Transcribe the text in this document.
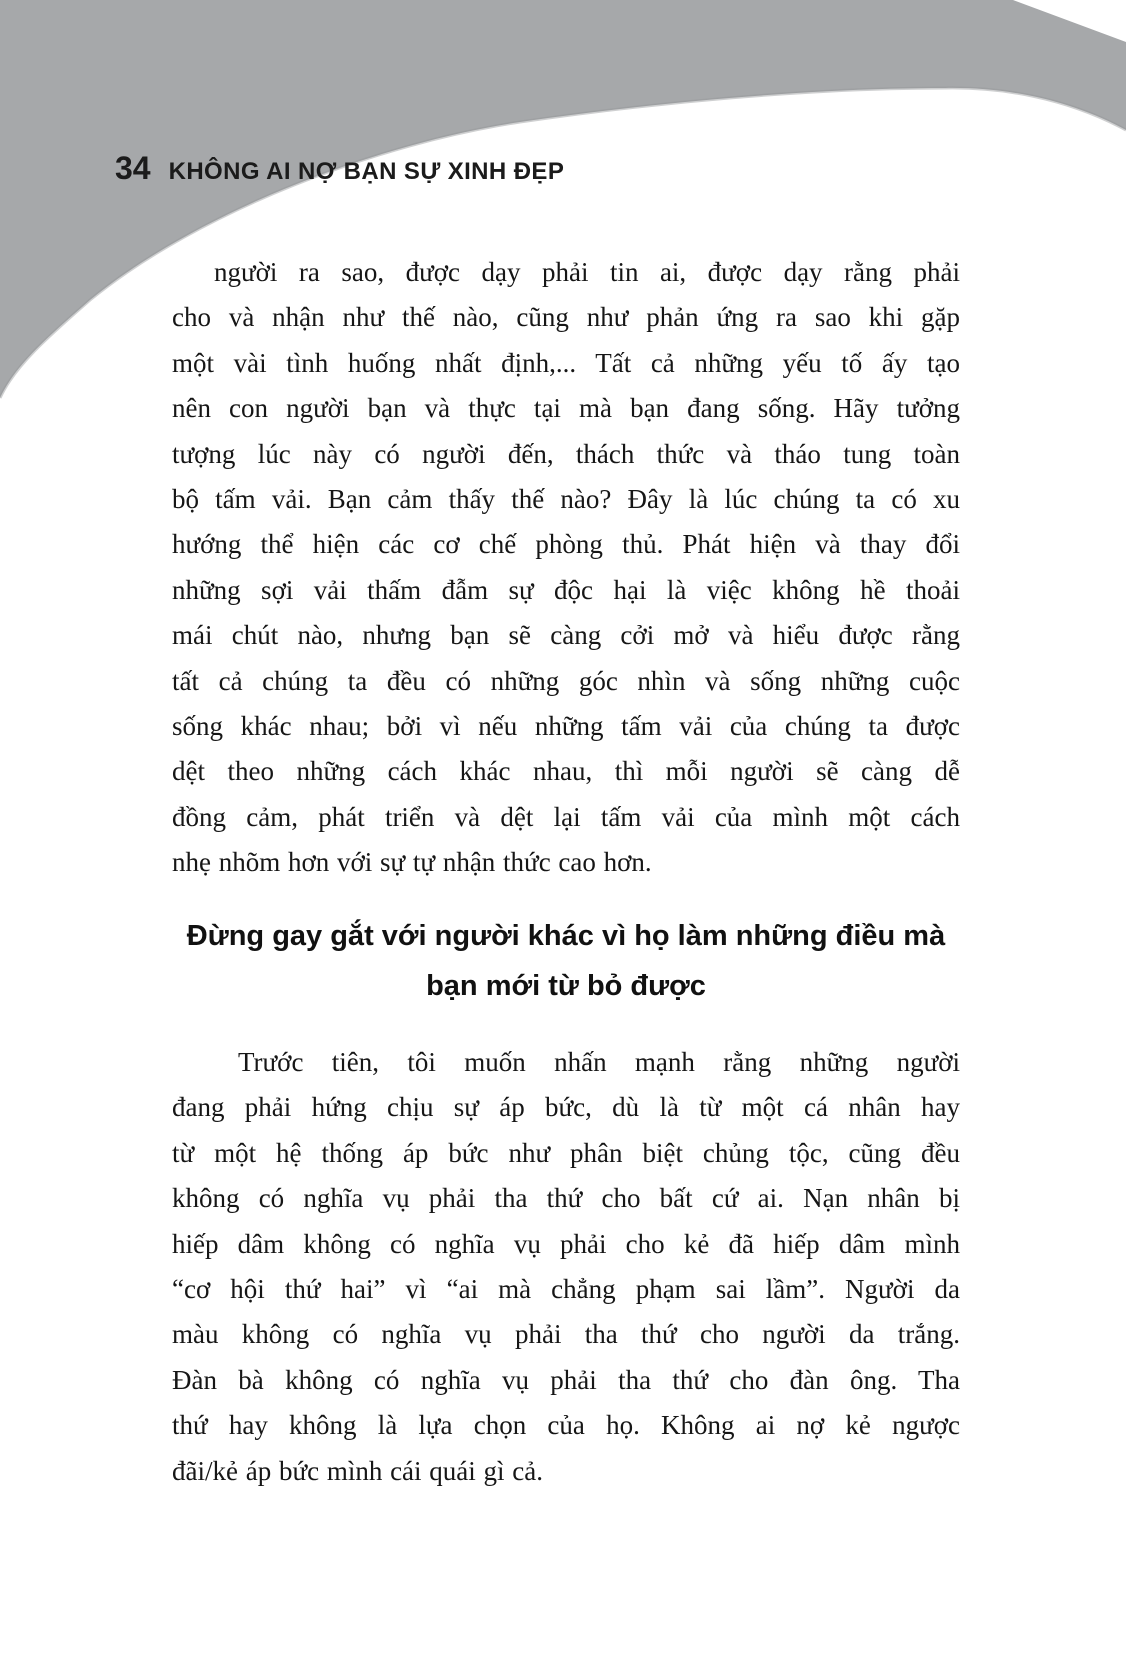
34 KHÔNG AI NỢ BẠN SỰ XINH ĐẸP
người ra sao, được dạy phải tin ai, được dạy rằng phải
cho và nhận như thế nào, cũng như phản ứng ra sao khi gặp
một vài tình huống nhất định,... Tất cả những yếu tố ấy tạo
nên con người bạn và thực tại mà bạn đang sống. Hãy tưởng
tượng lúc này có người đến, thách thức và tháo tung toàn
bộ tấm vải. Bạn cảm thấy thế nào? Đây là lúc chúng ta có xu
hướng thể hiện các cơ chế phòng thủ. Phát hiện và thay đổi
những sợi vải thấm đẫm sự độc hại là việc không hề thoải
mái chút nào, nhưng bạn sẽ càng cởi mở và hiểu được rằng
tất cả chúng ta đều có những góc nhìn và sống những cuộc
sống khác nhau; bởi vì nếu những tấm vải của chúng ta được
dệt theo những cách khác nhau, thì mỗi người sẽ càng dễ
đồng cảm, phát triển và dệt lại tấm vải của mình một cách
nhẹ nhõm hơn với sự tự nhận thức cao hơn.
Đừng gay gắt với người khác vì họ làm những điều mà
bạn mới từ bỏ được
Trước tiên, tôi muốn nhấn mạnh rằng những người
đang phải hứng chịu sự áp bức, dù là từ một cá nhân hay
từ một hệ thống áp bức như phân biệt chủng tộc, cũng đều
không có nghĩa vụ phải tha thứ cho bất cứ ai. Nạn nhân bị
hiếp dâm không có nghĩa vụ phải cho kẻ đã hiếp dâm mình
“cơ hội thứ hai” vì “ai mà chẳng phạm sai lầm”. Người da
màu không có nghĩa vụ phải tha thứ cho người da trắng.
Đàn bà không có nghĩa vụ phải tha thứ cho đàn ông. Tha
thứ hay không là lựa chọn của họ. Không ai nợ kẻ ngược
đãi/kẻ áp bức mình cái quái gì cả.
